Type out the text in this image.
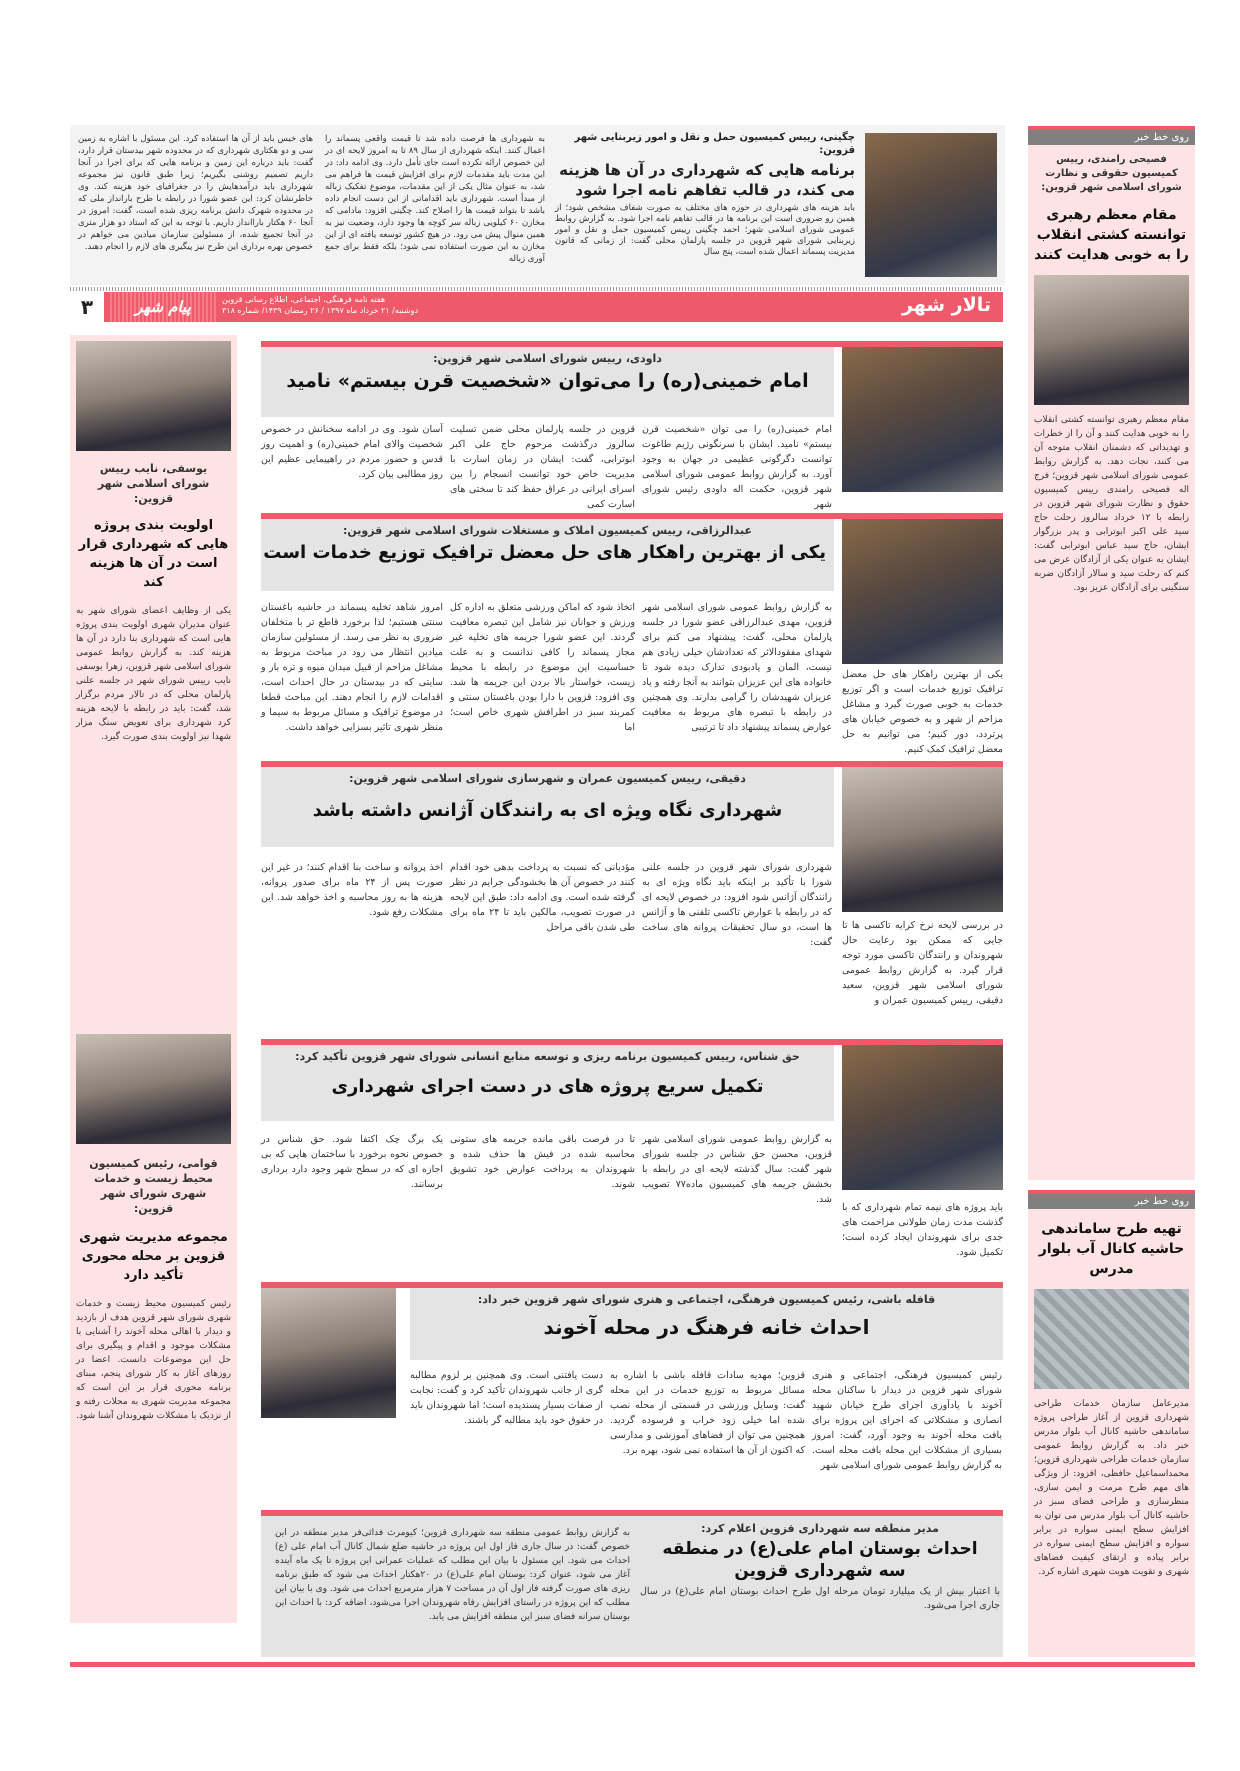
چگینی، رییس کمیسیون حمل و نقل و امور زیربنایی شهر قزوین:
برنامه هایی که شهرداری در آن ها هزینه می کند، در قالب تفاهم نامه اجرا شود
باید هزینه های شهرداری در حوزه های مختلف به صورت شفاف مشخص شود؛ از همین رو ضروری است این برنامه ها در قالب تفاهم نامه اجرا شود. به گزارش روابط عمومی شورای اسلامی شهر؛ احمد چگینی رییس کمیسیون حمل و نقل و امور زیربنایی شورای شهر قزوین در جلسه پارلمان محلی گفت: از زمانی که قانون مدیریت پسماند اعمال شده است، پنج سال
به شهرداری ها فرصت داده شد تا قیمت واقعی پسماند را اعمال کنند. اینکه شهرداری از سال ۸۹ تا به امروز لایحه ای در این خصوص ارائه نکرده است جای تأمل دارد. وی ادامه داد: در این مدت باید مقدمات لازم برای افزایش قیمت ها فراهم می شد، به عنوان مثال یکی از این مقدمات، موضوع تفکیک زباله از مبدأ است. شهرداری باید اقداماتی از این دست انجام داده باشد تا بتواند قیمت ها را اصلاح کند. چگینی افزود: مادامی که مخازن ۶۰ کیلویی زباله سر کوچه ها وجود دارد، وضعیت نیز به همین منوال پیش می رود. در هیچ کشور توسعه یافته ای از این مخازن به این صورت استفاده نمی شود؛ بلکه فقط برای جمع آوری زباله
های خیس باید از آن ها استفاده کرد. این مسئول با اشاره به زمین سی و دو هکتاری شهرداری که در محدوده شهر بیدستان قرار دارد، گفت: باید درباره این زمین و برنامه هایی که برای اجرا در آنجا داریم تصمیم روشنی بگیریم؛ زیرا طبق قانون نیز مجموعه شهرداری باید درآمدهایش را در جغرافیای خود هزینه کند. وی خاطرنشان کرد: این عضو شورا در رابطه با طرح بارانداز ملی که در محدوده شهرک دانش برنامه ریزی شده است، گفت: امروز در آنجا ۶۰ هکتار باراانداز داریم. با توجه به این که استاد دو هزار متری در آنجا تجمیع شده، از مسئولین سازمان میادین می خواهم در خصوص بهره برداری این طرح نیز پیگیری های لازم را انجام دهند.
تالار شهر
۳	پیام شهر	هفته نامه فرهنگی، اجتماعی، اطلاع رسانی قزوین
دوشنبه/ ۲۱ خرداد ماه ۱۳۹۷ / ۲۶ رمضان ۱۴۳۹/ شماره ۳۱۸
روی خط خبر
فصیحی رامندی، رییس کمیسیون حقوقی و نظارت شورای اسلامی شهر قزوین:
مقام معظم رهبری توانسته کشتی انقلاب را به خوبی هدایت کنند
مقام معظم رهبری توانسته کشتی انقلاب را به خوبی هدایت کنند و آن را از خطرات و تهدیداتی که دشمنان انقلاب متوجه آن می کنند، نجات دهد. به گزارش روابط عمومی شورای اسلامی شهر قزوین؛ فرج اله فصیحی رامندی رییس کمیسیون حقوق و نظارت شورای شهر قزوین در رابطه با ۱۲ خرداد سالروز رحلت حاج سید علی اکبر ابوترابی و پدر بزرگوار ایشان، حاج سید عباس ابوترابی گفت: ایشان به عنوان یکی از آزادگان عرض می کنم که رحلت سید و سالار آزادگان ضربه سنگینی برای آزادگان عزیز بود.
روی خط خبر
تهیه طرح ساماندهی حاشیه کانال آب بلوار مدرس
مدیرعامل سازمان خدمات طراحی شهرداری قزوین از آغاز طراحی پروژه ساماندهی حاشیه کانال آب بلوار مدرس خبر داد. به گزارش روابط عمومی سازمان خدمات طراحی شهرداری قزوین؛ محمداسماعیل حافظی، افزود: از ویژگی های مهم طرح مرمت و ایمن سازی، منظرسازی و طراحی فضای سبز در حاشیه کانال آب بلوار مدرس می توان به افزایش سطح ایمنی سواره در برابر سواره و افزایش سطح ایمنی سواره در برابر پیاده و ارتقای کیفیت فضاهای شهری و تقویت هویت شهری اشاره کرد.
یوسفی، نایب رییس شورای اسلامی شهر قزوین:
اولویت بندی پروژه هایی که شهرداری قرار است در آن ها هزینه کند
یکی از وظایف اعضای شورای شهر به عنوان مدیران شهری اولویت بندی پروژه هایی است که شهرداری بنا دارد در آن ها هزینه کند. به گزارش روابط عمومی شورای اسلامی شهر قزوین، زهرا یوسفی نایب رییس شورای شهر در جلسه علنی پارلمان محلی که در تالار مردم برگزار شد، گفت: باید در رابطه با لایحه هزینه کرد شهرداری برای تعویض سنگ مزار شهدا نیز اولویت بندی صورت گیرد.
قوامی، رئیس کمیسیون محیط زیست و خدمات شهری شورای شهر قزوین:
مجموعه مدیریت شهری قزوین بر محله محوری تأکید دارد
رئیس کمیسیون محیط زیست و خدمات شهری شورای شهر قزوین هدف از بازدید و دیدار با اهالی محله آخوند را آشنایی با مشکلات موجود و اقدام و پیگیری برای حل این موضوعات دانست. اعضا در روزهای آغاز به کار شورای پنجم، مبنای برنامه محوری قرار بر این است که مجموعه مدیریت شهری به محلات رفته و از نزدیک با مشکلات شهروندان آشنا شود.
داودی، رییس شورای اسلامی شهر قزوین:
امام خمینی(ره) را می‌توان «شخصیت قرن بیستم» نامید
امام خمینی(ره) را می توان «شخصیت قرن بیستم» نامید. ایشان با سرنگونی رژیم طاغوت توانست دگرگونی عظیمی در جهان به وجود آورد. به گزارش روابط عمومی شورای اسلامی شهر قزوین، حکمت اله داودی رئیس شورای شهر
قزوین در جلسه پارلمان محلی ضمن تسلیت سالروز درگذشت مرحوم حاج علی اکبر ابوترابی، گفت: ایشان در زمان اسارت با مدیریت خاص خود توانست انسجام را بین اسرای ایرانی در عراق حفظ کند تا سختی های اسارت کمی
آسان شود. وی در ادامه سخنانش در خصوص شخصیت والای امام خمینی(ره) و اهمیت روز قدس و حضور مردم در راهپیمایی عظیم این روز مطالبی بیان کرد.
عبدالرزاقی، رییس کمیسیون املاک و مستغلات شورای اسلامی شهر قزوین:
یکی از بهترین راهکار های حل معضل ترافیک توزیع خدمات است
یکی از بهترین راهکار های حل معضل ترافیک توزیع خدمات است و اگر توزیع خدمات به خوبی صورت گیرد و مشاغل مزاحم از شهر و به خصوص خیابان های پرتردد، دور کنیم؛ می توانیم به حل معضل ترافیک کمک کنیم.
به گزارش روابط عمومی شورای اسلامی شهر قزوین، مهدی عبدالرزاقی عضو شورا در جلسه پارلمان محلی، گفت: پیشنهاد می کنم برای شهدای مفقودالاثر که تعدادشان خیلی زیادی هم نیست، المان و یادبودی تدارک دیده شود تا خانواده های این عزیزان بتوانند به آنجا رفته و یاد عزیزان شهیدشان را گرامی بدارند. وی همچنین در رابطه با تبصره های مربوط به معافیت عوارض پسماند پیشنهاد داد تا ترتیبی
اتخاذ شود که اماکن ورزشی متعلق به اداره کل ورزش و جوانان نیز شامل این تبصره معافیت گردند. این عضو شورا جریمه های تخلیه غیر مجاز پسماند را کافی ندانست و به علت حساسیت این موضوع در رابطه با محیط زیست، خواستار بالا بردن این جریمه ها شد. وی افزود: قزوین با دارا بودن باغستان سنتی و کمربند سبز در اطرافش شهری خاص است؛ اما
امروز شاهد تخلیه پسماند در حاشیه باغستان سنتی هستیم؛ لذا برخورد قاطع تر با متخلفان ضروری به نظر می رسد. از مسئولین سازمان میادین انتظار می رود در مباحث مربوط به مشاغل مزاحم از قبیل میدان میوه و تره بار و سایتی که در بیدستان در حال احداث است، اقدامات لازم را انجام دهند. این مباحث قطعا در موضوع ترافیک و مسائل مربوط به سیما و منظر شهری تاثیر بسزایی خواهد داشت.
دقیقی، رییس کمیسیون عمران و شهرسازی شورای اسلامی شهر قزوین:
شهرداری نگاه ویژه ای به رانندگان آژانس داشته باشد
در بررسی لایحه نرخ کرایه تاکسی ها تا جایی که ممکن بود رعایت حال شهروندان و رانندگان تاکسی مورد توجه قرار گیرد. به گزارش روابط عمومی شورای اسلامی شهر قزوین، سعید دقیقی، رییس کمیسیون عمران و
شهرداری شورای شهر قزوین در جلسه علنی شورا با تأکید بر اینکه باید نگاه ویژه ای به رانندگان آژانس شود افزود: در خصوص لایحه ای که در رابطه با عوارض تاکسی تلفنی ها و آژانس ها است، دو سال تحقیقات پروانه های ساخت گفت:
مؤدیانی که نسبت به پرداخت بدهی خود اقدام کنند در خصوص آن ها بخشودگی جرایم در نظر گرفته شده است. وی ادامه داد: طبق این لایحه در صورت تصویب، مالکین باید تا ۲۴ ماه برای طی شدن باقی مراحل
اخذ پروانه و ساخت بنا اقدام کنند؛ در غیر این صورت پس از ۲۴ ماه برای صدور پروانه، هزینه ها به روز محاسبه و اخذ خواهد شد. این مشکلات رفع شود.
حق شناس، رییس کمیسیون برنامه ریزی و توسعه منابع انسانی شورای شهر قزوین تأکید کرد:
تکمیل سریع پروژه های در دست اجرای شهرداری
باید پروژه های نیمه تمام شهرداری که با گذشت مدت زمان طولانی مزاحمت های جدی برای شهروندان ایجاد کرده است؛ تکمیل شود.
به گزارش روابط عمومی شورای اسلامی شهر قزوین، محسن حق شناس در جلسه شورای شهر گفت: سال گذشته لایحه ای در رابطه با بخشش جریمه های کمیسیون ماده۷۷ تصویب شد.
تا در فرصت باقی مانده جریمه های ستونی محاسبه شده در فیش ها حذف شده و شهروندان به پرداخت عوارض خود تشویق شوند.
یک برگ چک اکتفا شود. حق شناس در خصوص نحوه برخورد با ساختمان هایی که بی اجازه ای که در سطح شهر وجود دارد برداری برسانند.
قافله باشی، رئیس کمیسیون فرهنگی، اجتماعی و هنری شورای شهر قزوین خبر داد:
احداث خانه فرهنگ در محله آخوند
رئیس کمیسیون فرهنگی، اجتماعی و هنری شورای شهر قزوین در دیدار با ساکنان محله آخوند با یادآوری اجرای طرح خیابان شهید انصاری و مشکلاتی که اجرای این پروژه برای بافت محله آخوند به وجود آورد، گفت: امروز بسیاری از مشکلات این محله بافت محله است. به گزارش روابط عمومی شورای اسلامی شهر
قزوین؛ مهدیه سادات قافله باشی با اشاره به مسائل مربوط به توزیع خدمات در این محله گفت: وسایل ورزشی در قسمتی از محله نصب شده اما خیلی زود خراب و فرسوده گردید. همچنین می توان از فضاهای آموزشی و مدارسی که اکنون از آن ها استفاده نمی شود، بهره برد.
دست یافتنی است. وی همچنین بر لزوم مطالبه گری از جانب شهروندان تأکید کرد و گفت: نجابت از صفات بسیار پسندیده است؛ اما شهروندان باید در حقوق خود باید مطالبه گر باشند.
مدیر منطقه سه شهرداری قزوین اعلام کرد:
احداث بوستان امام علی(ع) در منطقه سه شهرداری قزوین
با اعتبار بیش از یک میلیارد تومان مرحله اول طرح احداث بوستان امام علی(ع) در سال جاری اجرا می‌شود.
به گزارش روابط عمومی منطقه سه شهرداری قزوین؛ کیومرث فدائی‌فر مدیر منطقه در این خصوص گفت: در سال جاری فاز اول این پروژه در حاشیه ضلع شمال کانال آب امام علی (ع) احداث می شود. این مسئول با بیان این مطلب که عملیات عمرانی این پروژه تا یک ماه آینده آغاز می شود، عنوان کرد: بوستان امام علی(ع) در ۲۰هکتار احداث می شود که طبق برنامه ریزی های صورت گرفته فاز اول آن در مساحت ۷ هزار مترمربع احداث می شود. وی با بیان این مطلب که این پروژه در راستای افزایش رفاه شهروندان اجرا می‌شود، اضافه کرد: با احداث این بوستان سرانه فضای سبز این منطقه افزایش می یابد.
